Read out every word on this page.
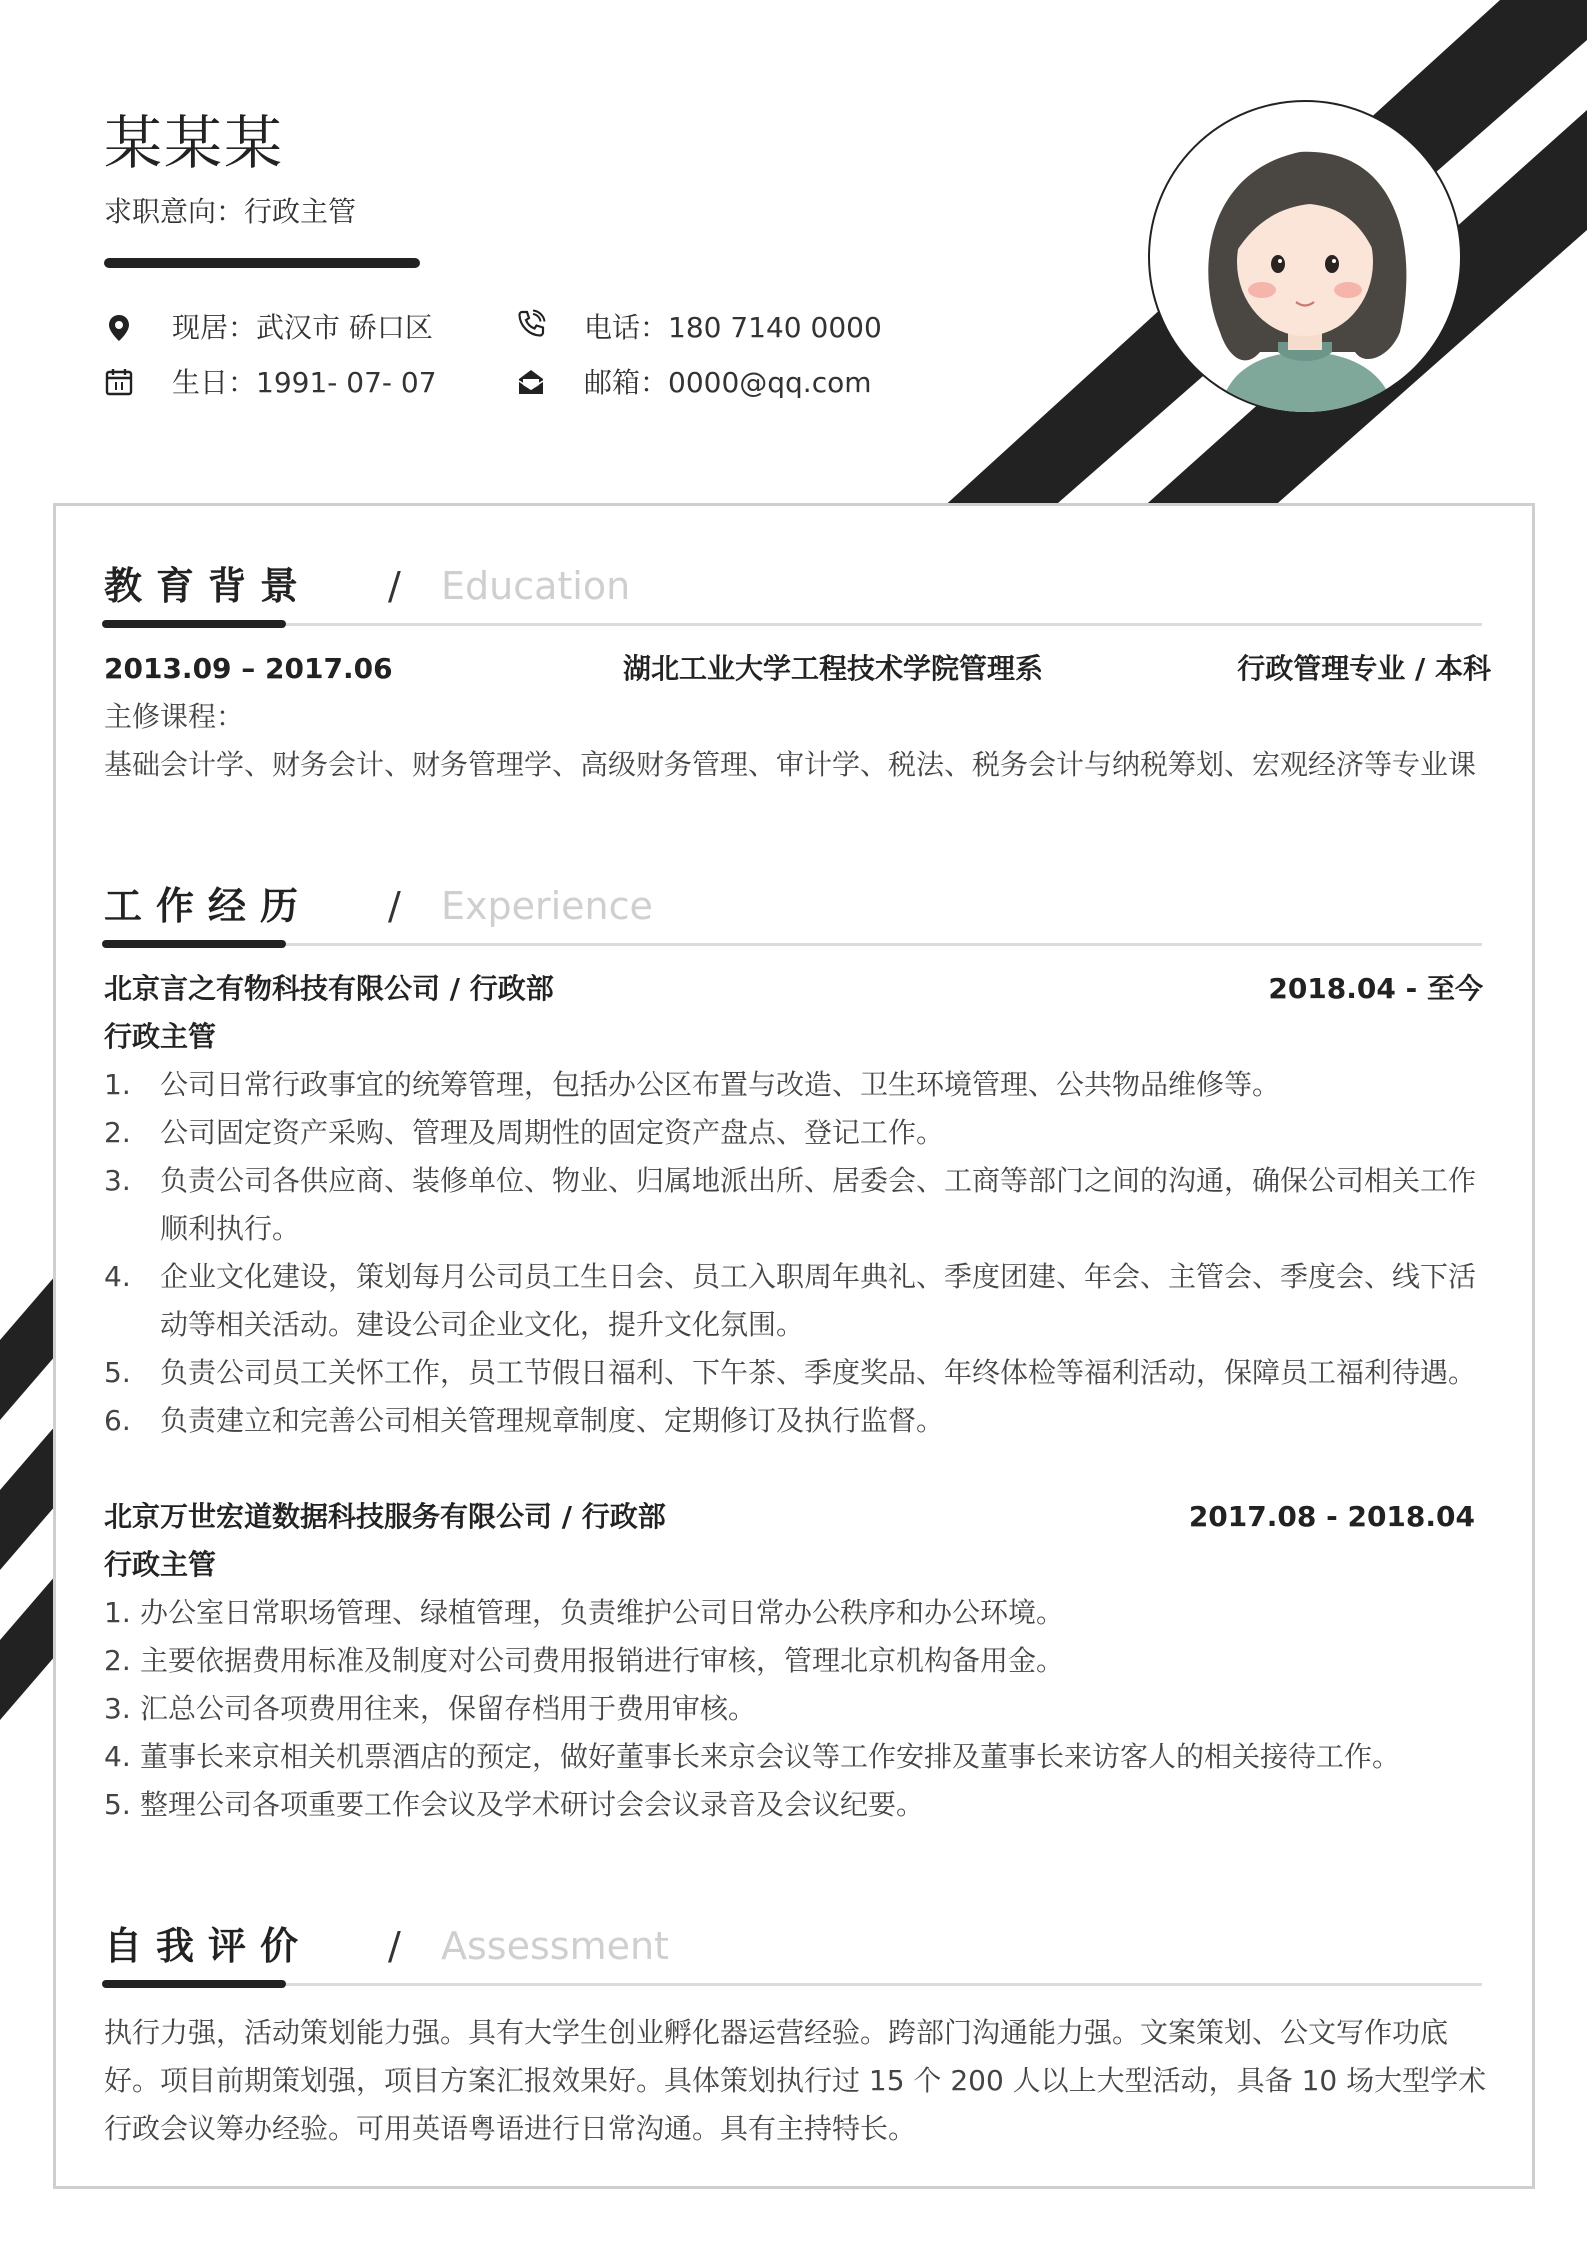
某某某
求职意向：行政主管
现居：武汉市 硚口区
生日：1991- 07- 07
电话：180 7140 0000
邮箱：0000@qq.com
教育背景 / Education
2013.09 – 2017.06	湖北工业大学工程技术学院管理系	行政管理专业 / 本科
主修课程：
基础会计学、财务会计、财务管理学、高级财务管理、审计学、税法、税务会计与纳税筹划、宏观经济等专业课
工作经历 / Experience
北京言之有物科技有限公司 / 行政部	2018.04 - 至今
行政主管
1. 公司日常行政事宜的统筹管理，包括办公区布置与改造、卫生环境管理、公共物品维修等。
2. 公司固定资产采购、管理及周期性的固定资产盘点、登记工作。
3. 负责公司各供应商、装修单位、物业、归属地派出所、居委会、工商等部门之间的沟通，确保公司相关工作顺利执行。
4. 企业文化建设，策划每月公司员工生日会、员工入职周年典礼、季度团建、年会、主管会、季度会、线下活动等相关活动。建设公司企业文化，提升文化氛围。
5. 负责公司员工关怀工作，员工节假日福利、下午茶、季度奖品、年终体检等福利活动，保障员工福利待遇。
6. 负责建立和完善公司相关管理规章制度、定期修订及执行监督。
北京万世宏道数据科技服务有限公司 / 行政部	2017.08 - 2018.04
行政主管
1. 办公室日常职场管理、绿植管理，负责维护公司日常办公秩序和办公环境。
2. 主要依据费用标准及制度对公司费用报销进行审核，管理北京机构备用金。
3. 汇总公司各项费用往来，保留存档用于费用审核。
4. 董事长来京相关机票酒店的预定，做好董事长来京会议等工作安排及董事长来访客人的相关接待工作。
5. 整理公司各项重要工作会议及学术研讨会会议录音及会议纪要。
自我评价 / Assessment
执行力强，活动策划能力强。具有大学生创业孵化器运营经验。跨部门沟通能力强。文案策划、公文写作功底好。项目前期策划强，项目方案汇报效果好。具体策划执行过 15 个 200 人以上大型活动，具备 10 场大型学术行政会议筹办经验。可用英语粤语进行日常沟通。具有主持特长。
